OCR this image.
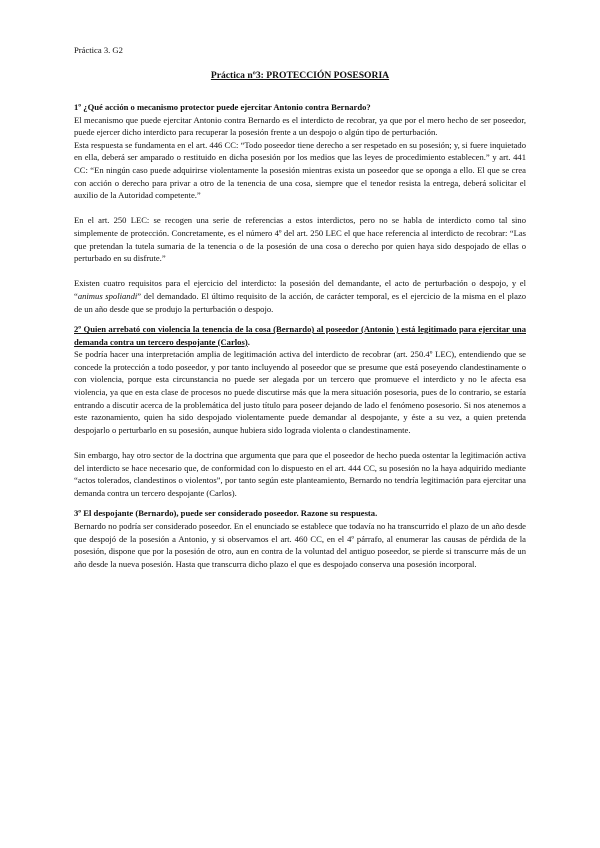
Práctica 3. G2
Práctica nº3: PROTECCIÓN POSESORIA

1º ¿Qué acción o mecanismo protector puede ejercitar Antonio contra Bernardo?

El mecanismo que puede ejercitar Antonio contra Bernardo es el interdicto de recobrar, ya que por el mero hecho de ser poseedor, puede ejercer dicho interdicto para recuperar la posesión frente a un despojo o algún tipo de perturbación.

Esta respuesta se fundamenta en el art. 446 CC: “Todo poseedor tiene derecho a ser respetado en su posesión; y, si fuere inquietado en ella, deberá ser amparado o restituido en dicha posesión por los medios que las leyes de procedimiento establecen.” y art. 441 CC: “En ningún caso puede adquirirse violentamente la posesión mientras exista un poseedor que se oponga a ello. El que se crea con acción o derecho para privar a otro de la tenencia de una cosa, siempre que el tenedor resista la entrega, deberá solicitar el auxilio de la Autoridad competente.”

En el art. 250 LEC: se recogen una serie de referencias a estos interdictos, pero no se habla de interdicto como tal sino simplemente de protección. Concretamente, es el número 4º del art. 250 LEC el que hace referencia al interdicto de recobrar: “Las que pretendan la tutela sumaria de la tenencia o de la posesión de una cosa o derecho por quien haya sido despojado de ellas o perturbado en su disfrute.”

Existen cuatro requisitos para el ejercicio del interdicto: la posesión del demandante, el acto de perturbación o despojo, y el “animus spoliandi” del demandado. El último requisito de la acción, de carácter temporal, es el ejercicio de la misma en el plazo de un año desde que se produjo la perturbación o despojo.

2º Quien arrebató con violencia la tenencia de la cosa (Bernardo) al poseedor (Antonio ) está legitimado para ejercitar una demanda contra un tercero despojante (Carlos).

Se podría hacer una interpretación amplia de legitimación activa del interdicto de recobrar (art. 250.4º LEC), entendiendo que se concede la protección a todo poseedor, y por tanto incluyendo al poseedor que se presume que está poseyendo clandestinamente o con violencia, porque esta circunstancia no puede ser alegada por un tercero que promueve el interdicto y no le afecta esa violencia, ya que en esta clase de procesos no puede discutirse más que la mera situación posesoria, pues de lo contrario, se estaría entrando a discutir acerca de la problemática del justo título para poseer dejando de lado el fenómeno posesorio. Si nos atenemos a este razonamiento, quien ha sido despojado violentamente puede demandar al despojante, y éste a su vez, a quien pretenda despojarlo o perturbarlo en su posesión, aunque hubiera sido lograda violenta o clandestinamente.

Sin embargo, hay otro sector de la doctrina que argumenta que para que el poseedor de hecho pueda ostentar la legitimación activa del interdicto se hace necesario que, de conformidad con lo dispuesto en el art. 444 CC, su posesión no la haya adquirido mediante “actos tolerados, clandestinos o violentos”, por tanto según este planteamiento, Bernardo no tendría legitimación para ejercitar una demanda contra un tercero despojante (Carlos).

3º El despojante (Bernardo), puede ser considerado poseedor. Razone su respuesta.

Bernardo no podría ser considerado poseedor. En el enunciado se establece que todavía no ha transcurrido el plazo de un año desde que despojó de la posesión a Antonio, y si observamos el art. 460 CC, en el 4º párrafo, al enumerar las causas de pérdida de la posesión, dispone que por la posesión de otro, aun en contra de la voluntad del antiguo poseedor, se pierde si transcurre más de un año desde la nueva posesión. Hasta que transcurra dicho plazo el que es despojado conserva una posesión incorporal.
